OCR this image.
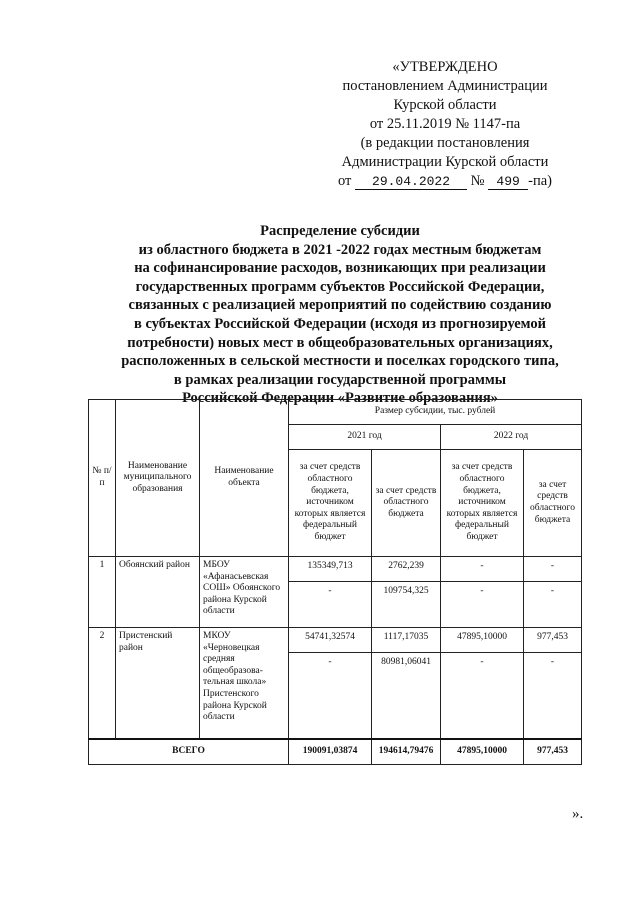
«УТВЕРЖДЕНО
постановлением Администрации
Курской области
от 25.11.2019 № 1147-па
(в редакции постановления
Администрации Курской области
от 29.04.2022 № 499 -па)
Распределение субсидии
из областного бюджета в 2021 -2022 годах местным бюджетам
на софинансирование расходов, возникающих при реализации
государственных программ субъектов Российской Федерации,
связанных с реализацией мероприятий по содействию созданию
в субъектах Российской Федерации (исходя из прогнозируемой
потребности) новых мест в общеобразовательных организациях,
расположенных в сельской местности и поселках городского типа,
в рамках реализации государственной программы
Российской Федерации «Развитие образования»
№ п/п	Наименование муниципального образования	Наименование объекта	Размер субсидии, тыс. рублей			
			2021 год		2022 год	
			за счет средств областного бюджета, источником которых является федеральный бюджет	за счет средств областного бюджета	за счет средств областного бюджета, источником которых является федеральный бюджет	за счет средств областного бюджета
1	Обоянский район	МБОУ «Афанасьевская СОШ» Обоянского района Курской области	135349,713	2762,239	-	-
			-	109754,325	-	-
2	Пристенский район	МКОУ «Черновецкая средняя общеобразова-тельная школа» Пристенского района Курской области	54741,32574	1117,17035	47895,10000	977,453
			-	80981,06041	-	-
ВСЕГО			190091,03874	194614,79476	47895,10000	977,453
».
